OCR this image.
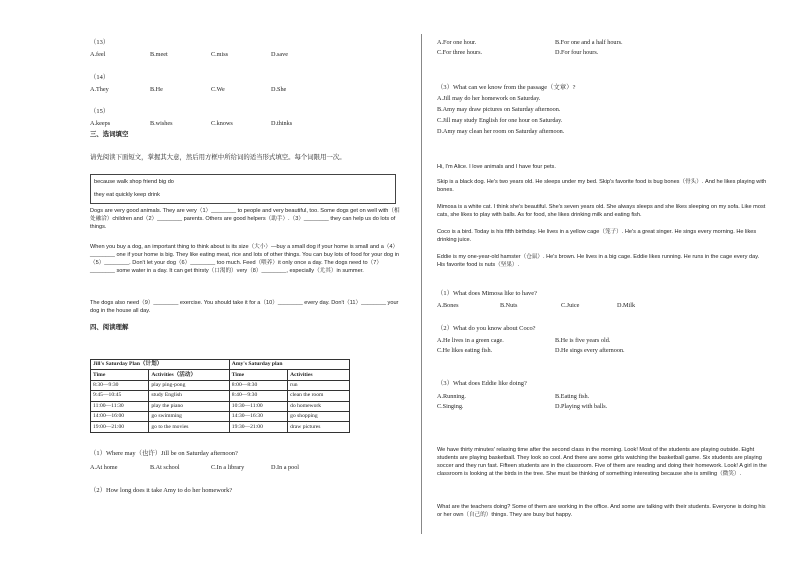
（13）
A.feel	B.meet	C.miss	D.save
（14）
A.They	B.He	C.We	D.She
（15）
A.keeps	B.wishes	C.knows	D.thinks
三、选词填空
请先阅读下面短文，掌握其大意，然后用方框中所给词的适当形式填空。每个词限用一次。
because walk shop friend big do
they eat quickly keep drink
Dogs are very good animals. They are very（1）________ to people and very beautiful, too. Some dogs get on well with（相处融洽）children and（2）________ parents. Others are good helpers（助手）.（3）________ they can help us do lots of things.
When you buy a dog, an important thing to think about is its size（大小）—buy a small dog if your home is small and a（4）________ one if your home is big. They like eating meat, rice and lots of other things. You can buy lots of food for your dog in（5）________. Don't let your dog（6）________ too much. Feed（喂养）it only once a day. The dogs need to（7）________ some water in a day. It can get thirsty（口渴的）very（8）________, especially（尤其）in summer.
The dogs also need（9）________ exercise. You should take it for a（10）________ every day. Don't（11）________ your dog in the house all day.
四、阅读理解
Jill's Saturday Plan（计划）		Amy's Saturday plan	
Time	Activities（活动）	Time	Activities
8:30—9:30	play ping-pong	8:00—8:30	run
9:45—10:45	study English	8:40—9:30	clean the room
11:00—11:30	play the piano	10:30—11:00	do homework
14:00—16:00	go swimming	14:30—16:30	go shopping
19:00—21:00	go to the movies	19:30—21:00	draw pictures
（1）Where may（也许）Jill be on Saturday afternoon?
A.At home	B.At school	C.In a library	D.In a pool
（2）How long does it take Amy to do her homework?
A.For one hour.	B.For one and a half hours.
C.For three hours.	D.For four hours.
（3）What can we know from the passage（文章）?
A.Jill may do her homework on Saturday.
B.Amy may draw pictures on Saturday afternoon.
C.Jill may study English for one hour on Saturday.
D.Amy may clean her room on Saturday afternoon.
Hi, I'm Alice. I love animals and I have four pets.
Skip is a black dog. He's two years old. He sleeps under my bed. Skip's favorite food is bug bones（骨头）. And he likes playing with bones.
Mimosa is a white cat. I think she's beautiful. She's seven years old. She always sleeps and she likes sleeping on my sofa. Like most cats, she likes to play with balls. As for food, she likes drinking milk and eating fish.
Coco is a bird. Today is his fifth birthday. He lives in a yellow cage（笼子）. He's a great singer. He sings every morning. He likes drinking juice.
Eddie is my one-year-old hamster（仓鼠）. He's brown. He lives in a big cage. Eddie likes running. He runs in the cage every day. His favorite food is nuts（坚果）.
（1）What does Mimosa like to have?
A.Bones	B.Nuts	C.Juice	D.Milk
（2）What do you know about Coco?
A.He lives in a green cage.	B.He is five years old.
C.He likes eating fish.	D.He sings every afternoon.
（3）What does Eddie like doing?
A.Running.	B.Eating fish.
C.Singing.	D.Playing with balls.
We have thirty minutes' relaxing time after the second class in the morning. Look! Most of the students are playing outside. Eight students are playing basketball. They look so cool. And there are some girls watching the basketball game. Six students are playing soccer and they run fast. Fifteen students are in the classroom. Five of them are reading and doing their homework. Look! A girl in the classroom is looking at the birds in the tree. She must be thinking of something interesting because she is smiling（微笑）.
What are the teachers doing? Some of them are working in the office. And some are talking with their students. Everyone is doing his or her own（自己的）things. They are busy but happy.
